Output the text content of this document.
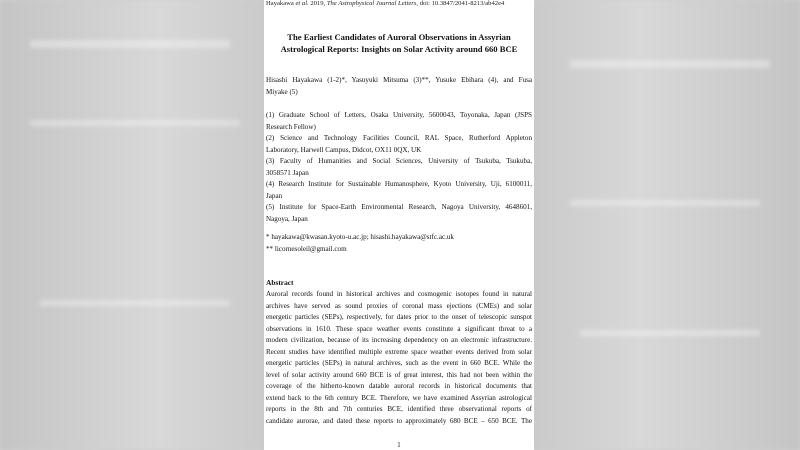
Hayakawa et al. 2019, The Astrophysical Journal Letters, doi: 10.3847/2041-8213/ab42e4
The Earliest Candidates of Auroral Observations in Assyrian
Astrological Reports: Insights on Solar Activity around 660 BCE
Hisashi Hayakawa (1-2)*, Yasuyuki Mitsuma (3)**, Yusuke Ebihara (4), and Fusa
Miyake (5)
(1) Graduate School of Letters, Osaka University, 5600043, Toyonaka, Japan (JSPS
Research Fellow)
(2) Science and Technology Facilities Council, RAL Space, Rutherford Appleton
Laboratory, Harwell Campus, Didcot, OX11 0QX, UK
(3) Faculty of Humanities and Social Sciences, University of Tsukuba, Tsukuba,
3058571 Japan
(4) Research Institute for Sustainable Humanosphere, Kyoto University, Uji, 6100011,
Japan
(5) Institute for Space-Earth Environmental Research, Nagoya University, 4648601,
Nagoya, Japan
* hayakawa@kwasan.kyoto-u.ac.jp; hisashi.hayakawa@stfc.ac.uk
** licornesoleil@gmail.com
Abstract
Auroral records found in historical archives and cosmogenic isotopes found in natural
archives have served as sound proxies of coronal mass ejections (CMEs) and solar
energetic particles (SEPs), respectively, for dates prior to the onset of telescopic sunspot
observations in 1610. These space weather events constitute a significant threat to a
modern civilization, because of its increasing dependency on an electronic infrastructure.
Recent studies have identified multiple extreme space weather events derived from solar
energetic particles (SEPs) in natural archives, such as the event in 660 BCE. While the
level of solar activity around 660 BCE is of great interest, this had not been within the
coverage of the hitherto-known datable auroral records in historical documents that
extend back to the 6th century BCE. Therefore, we have examined Assyrian astrological
reports in the 8th and 7th centuries BCE, identified three observational reports of
candidate aurorae, and dated these reports to approximately 680 BCE – 650 BCE. The
1
